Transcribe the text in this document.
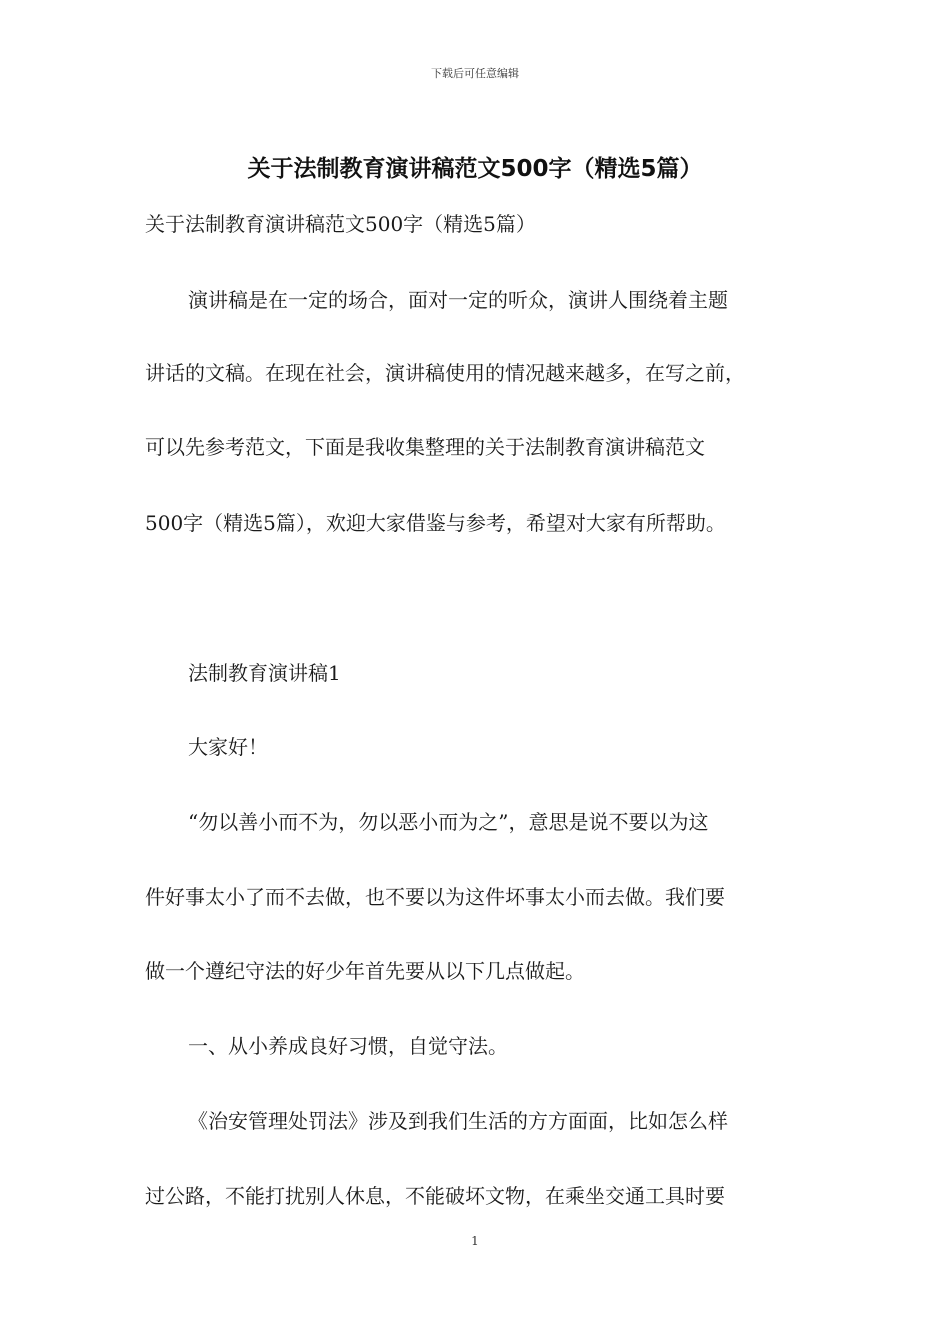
下载后可任意编辑
关于法制教育演讲稿范文500字（精选5篇）
关于法制教育演讲稿范文500字（精选5篇）
演讲稿是在一定的场合，面对一定的听众，演讲人围绕着主题
讲话的文稿。在现在社会，演讲稿使用的情况越来越多，在写之前，
可以先参考范文，下面是我收集整理的关于法制教育演讲稿范文
500字（精选5篇），欢迎大家借鉴与参考，希望对大家有所帮助。
法制教育演讲稿1
大家好！
“勿以善小而不为，勿以恶小而为之”，意思是说不要以为这
件好事太小了而不去做，也不要以为这件坏事太小而去做。我们要
做一个遵纪守法的好少年首先要从以下几点做起。
一、从小养成良好习惯，自觉守法。
《治安管理处罚法》涉及到我们生活的方方面面，比如怎么样
过公路，不能打扰别人休息，不能破坏文物，在乘坐交通工具时要
1
